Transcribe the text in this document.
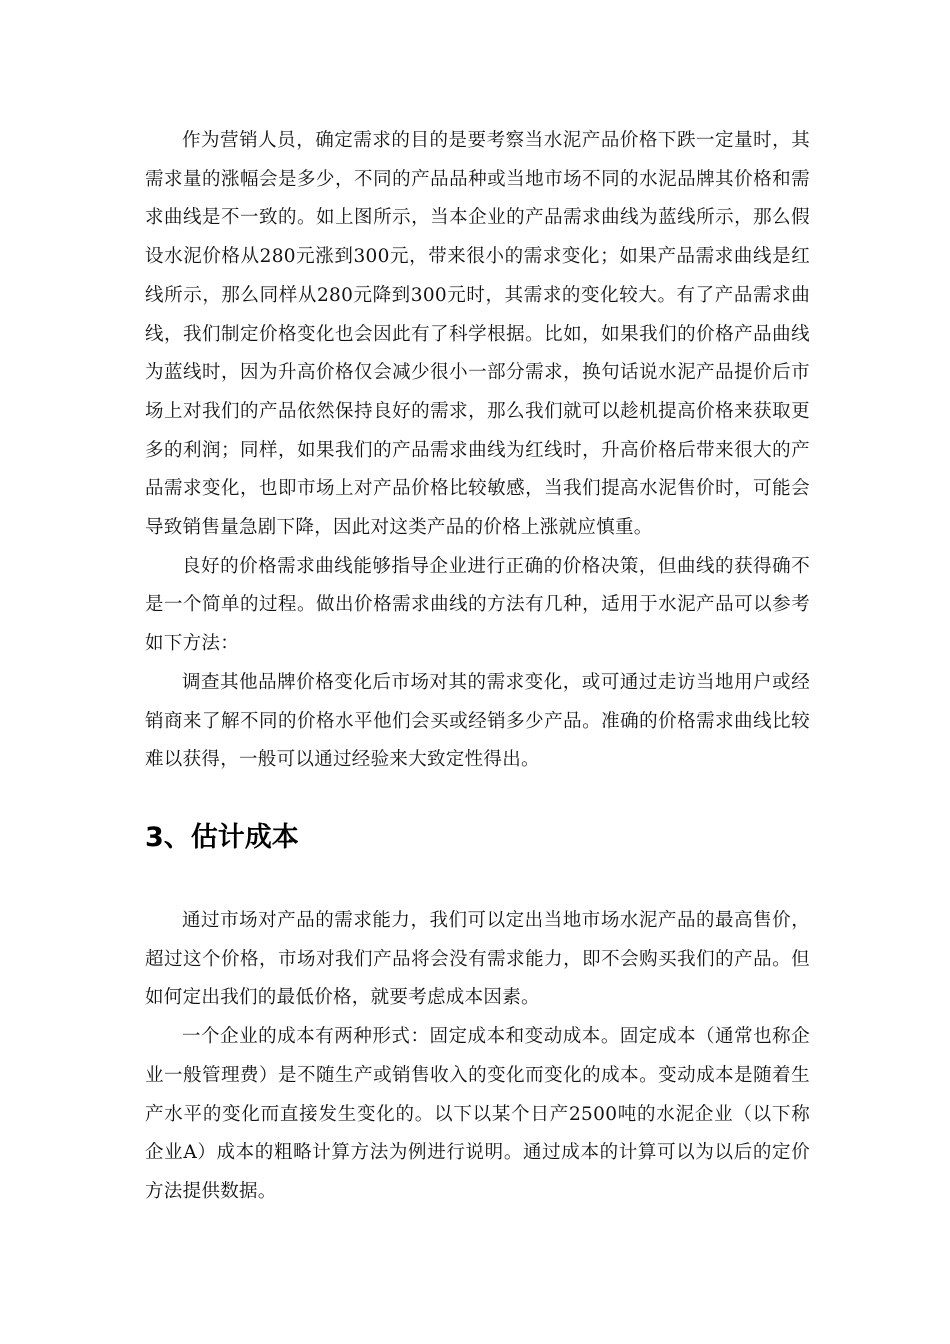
作为营销人员，确定需求的目的是要考察当水泥产品价格下跌一定量时，其需求量的涨幅会是多少，不同的产品品种或当地市场不同的水泥品牌其价格和需求曲线是不一致的。如上图所示，当本企业的产品需求曲线为蓝线所示，那么假设水泥价格从280元涨到300元，带来很小的需求变化；如果产品需求曲线是红线所示，那么同样从280元降到300元时，其需求的变化较大。有了产品需求曲线，我们制定价格变化也会因此有了科学根据。比如，如果我们的价格产品曲线为蓝线时，因为升高价格仅会减少很小一部分需求，换句话说水泥产品提价后市场上对我们的产品依然保持良好的需求，那么我们就可以趁机提高价格来获取更多的利润；同样，如果我们的产品需求曲线为红线时，升高价格后带来很大的产品需求变化，也即市场上对产品价格比较敏感，当我们提高水泥售价时，可能会导致销售量急剧下降，因此对这类产品的价格上涨就应慎重。

良好的价格需求曲线能够指导企业进行正确的价格决策，但曲线的获得确不是一个简单的过程。做出价格需求曲线的方法有几种，适用于水泥产品可以参考如下方法：

调查其他品牌价格变化后市场对其的需求变化，或可通过走访当地用户或经销商来了解不同的价格水平他们会买或经销多少产品。准确的价格需求曲线比较难以获得，一般可以通过经验来大致定性得出。

3、估计成本

通过市场对产品的需求能力，我们可以定出当地市场水泥产品的最高售价，超过这个价格，市场对我们产品将会没有需求能力，即不会购买我们的产品。但如何定出我们的最低价格，就要考虑成本因素。

一个企业的成本有两种形式：固定成本和变动成本。固定成本（通常也称企业一般管理费）是不随生产或销售收入的变化而变化的成本。变动成本是随着生产水平的变化而直接发生变化的。以下以某个日产2500吨的水泥企业（以下称企业A）成本的粗略计算方法为例进行说明。通过成本的计算可以为以后的定价方法提供数据。
